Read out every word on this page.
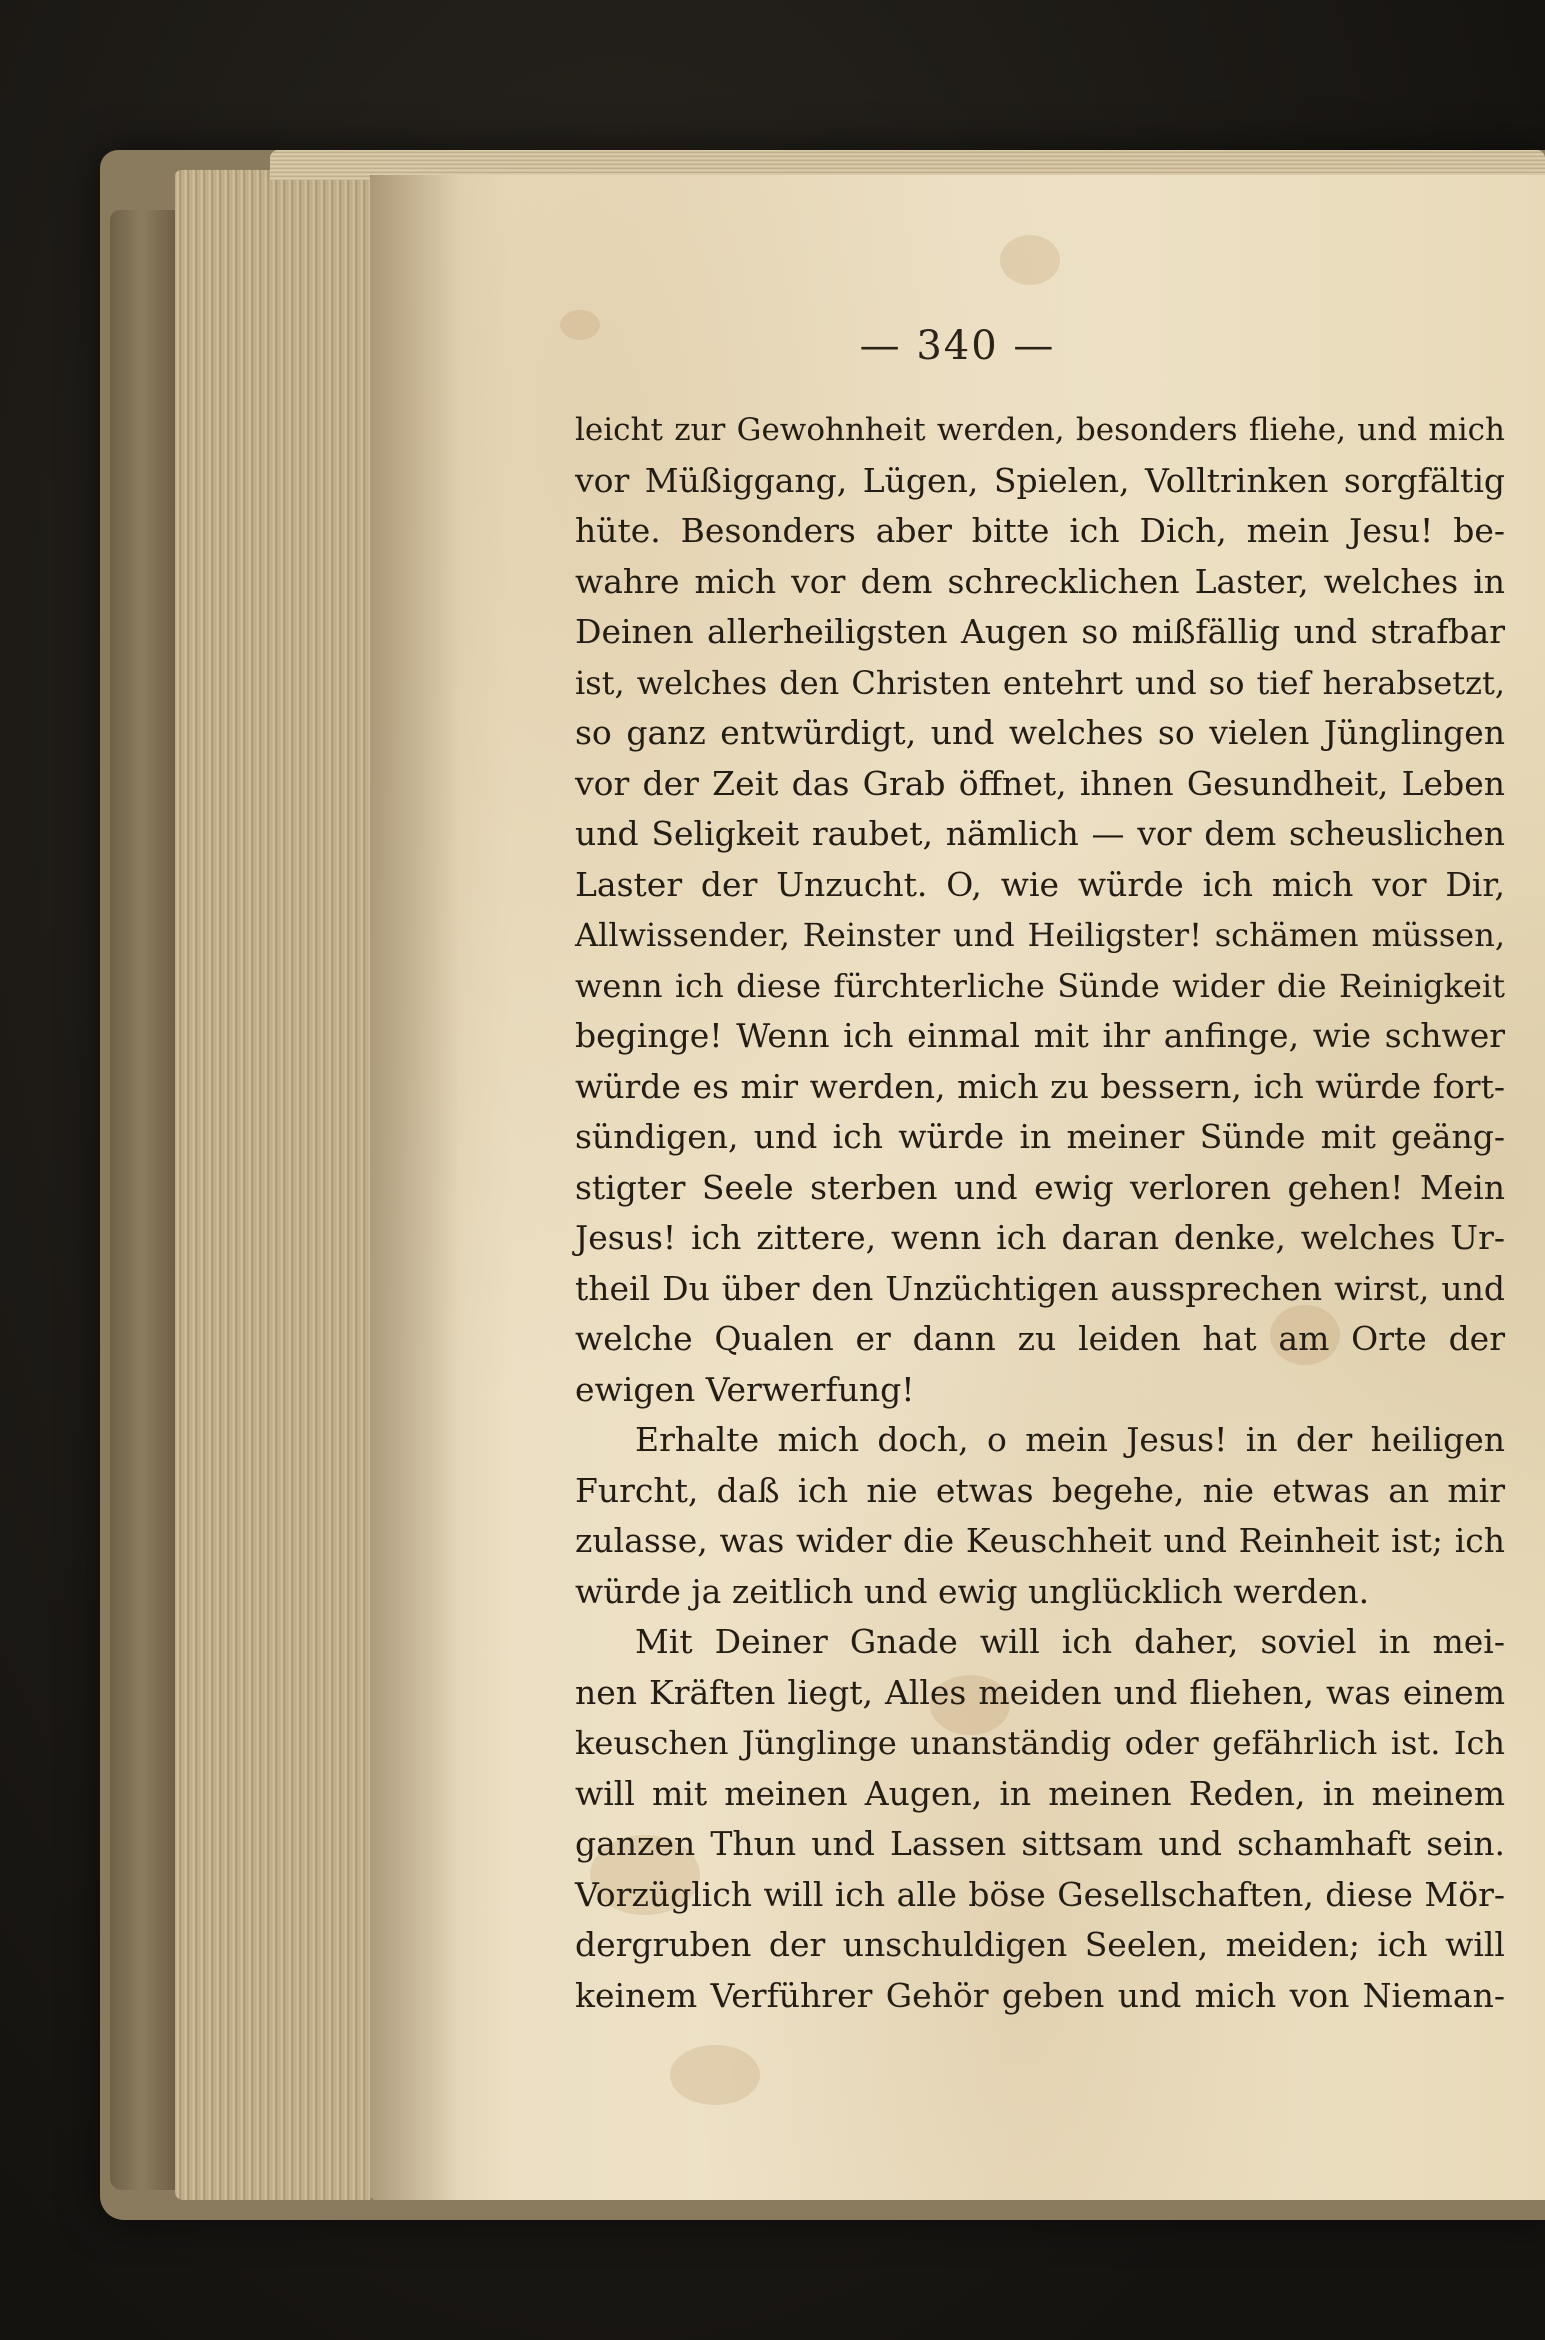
— 340 —
leicht zur Gewohnheit werden, besonders fliehe, und mich
vor Müßiggang, Lügen, Spielen, Volltrinken sorgfältig
hüte. Besonders aber bitte ich Dich, mein Jesu! be-
wahre mich vor dem schrecklichen Laster, welches in
Deinen allerheiligsten Augen so mißfällig und strafbar
ist, welches den Christen entehrt und so tief herabsetzt,
so ganz entwürdigt, und welches so vielen Jünglingen
vor der Zeit das Grab öffnet, ihnen Gesundheit, Leben
und Seligkeit raubet, nämlich — vor dem scheuslichen
Laster der Unzucht. O, wie würde ich mich vor Dir,
Allwissender, Reinster und Heiligster! schämen müssen,
wenn ich diese fürchterliche Sünde wider die Reinigkeit
beginge! Wenn ich einmal mit ihr anfinge, wie schwer
würde es mir werden, mich zu bessern, ich würde fort-
sündigen, und ich würde in meiner Sünde mit geäng-
stigter Seele sterben und ewig verloren gehen! Mein
Jesus! ich zittere, wenn ich daran denke, welches Ur-
theil Du über den Unzüchtigen aussprechen wirst, und
welche Qualen er dann zu leiden hat am Orte der
ewigen Verwerfung!
Erhalte mich doch, o mein Jesus! in der heiligen
Furcht, daß ich nie etwas begehe, nie etwas an mir
zulasse, was wider die Keuschheit und Reinheit ist; ich
würde ja zeitlich und ewig unglücklich werden.
Mit Deiner Gnade will ich daher, soviel in mei-
nen Kräften liegt, Alles meiden und fliehen, was einem
keuschen Jünglinge unanständig oder gefährlich ist. Ich
will mit meinen Augen, in meinen Reden, in meinem
ganzen Thun und Lassen sittsam und schamhaft sein.
Vorzüglich will ich alle böse Gesellschaften, diese Mör-
dergruben der unschuldigen Seelen, meiden; ich will
keinem Verführer Gehör geben und mich von Nieman-
